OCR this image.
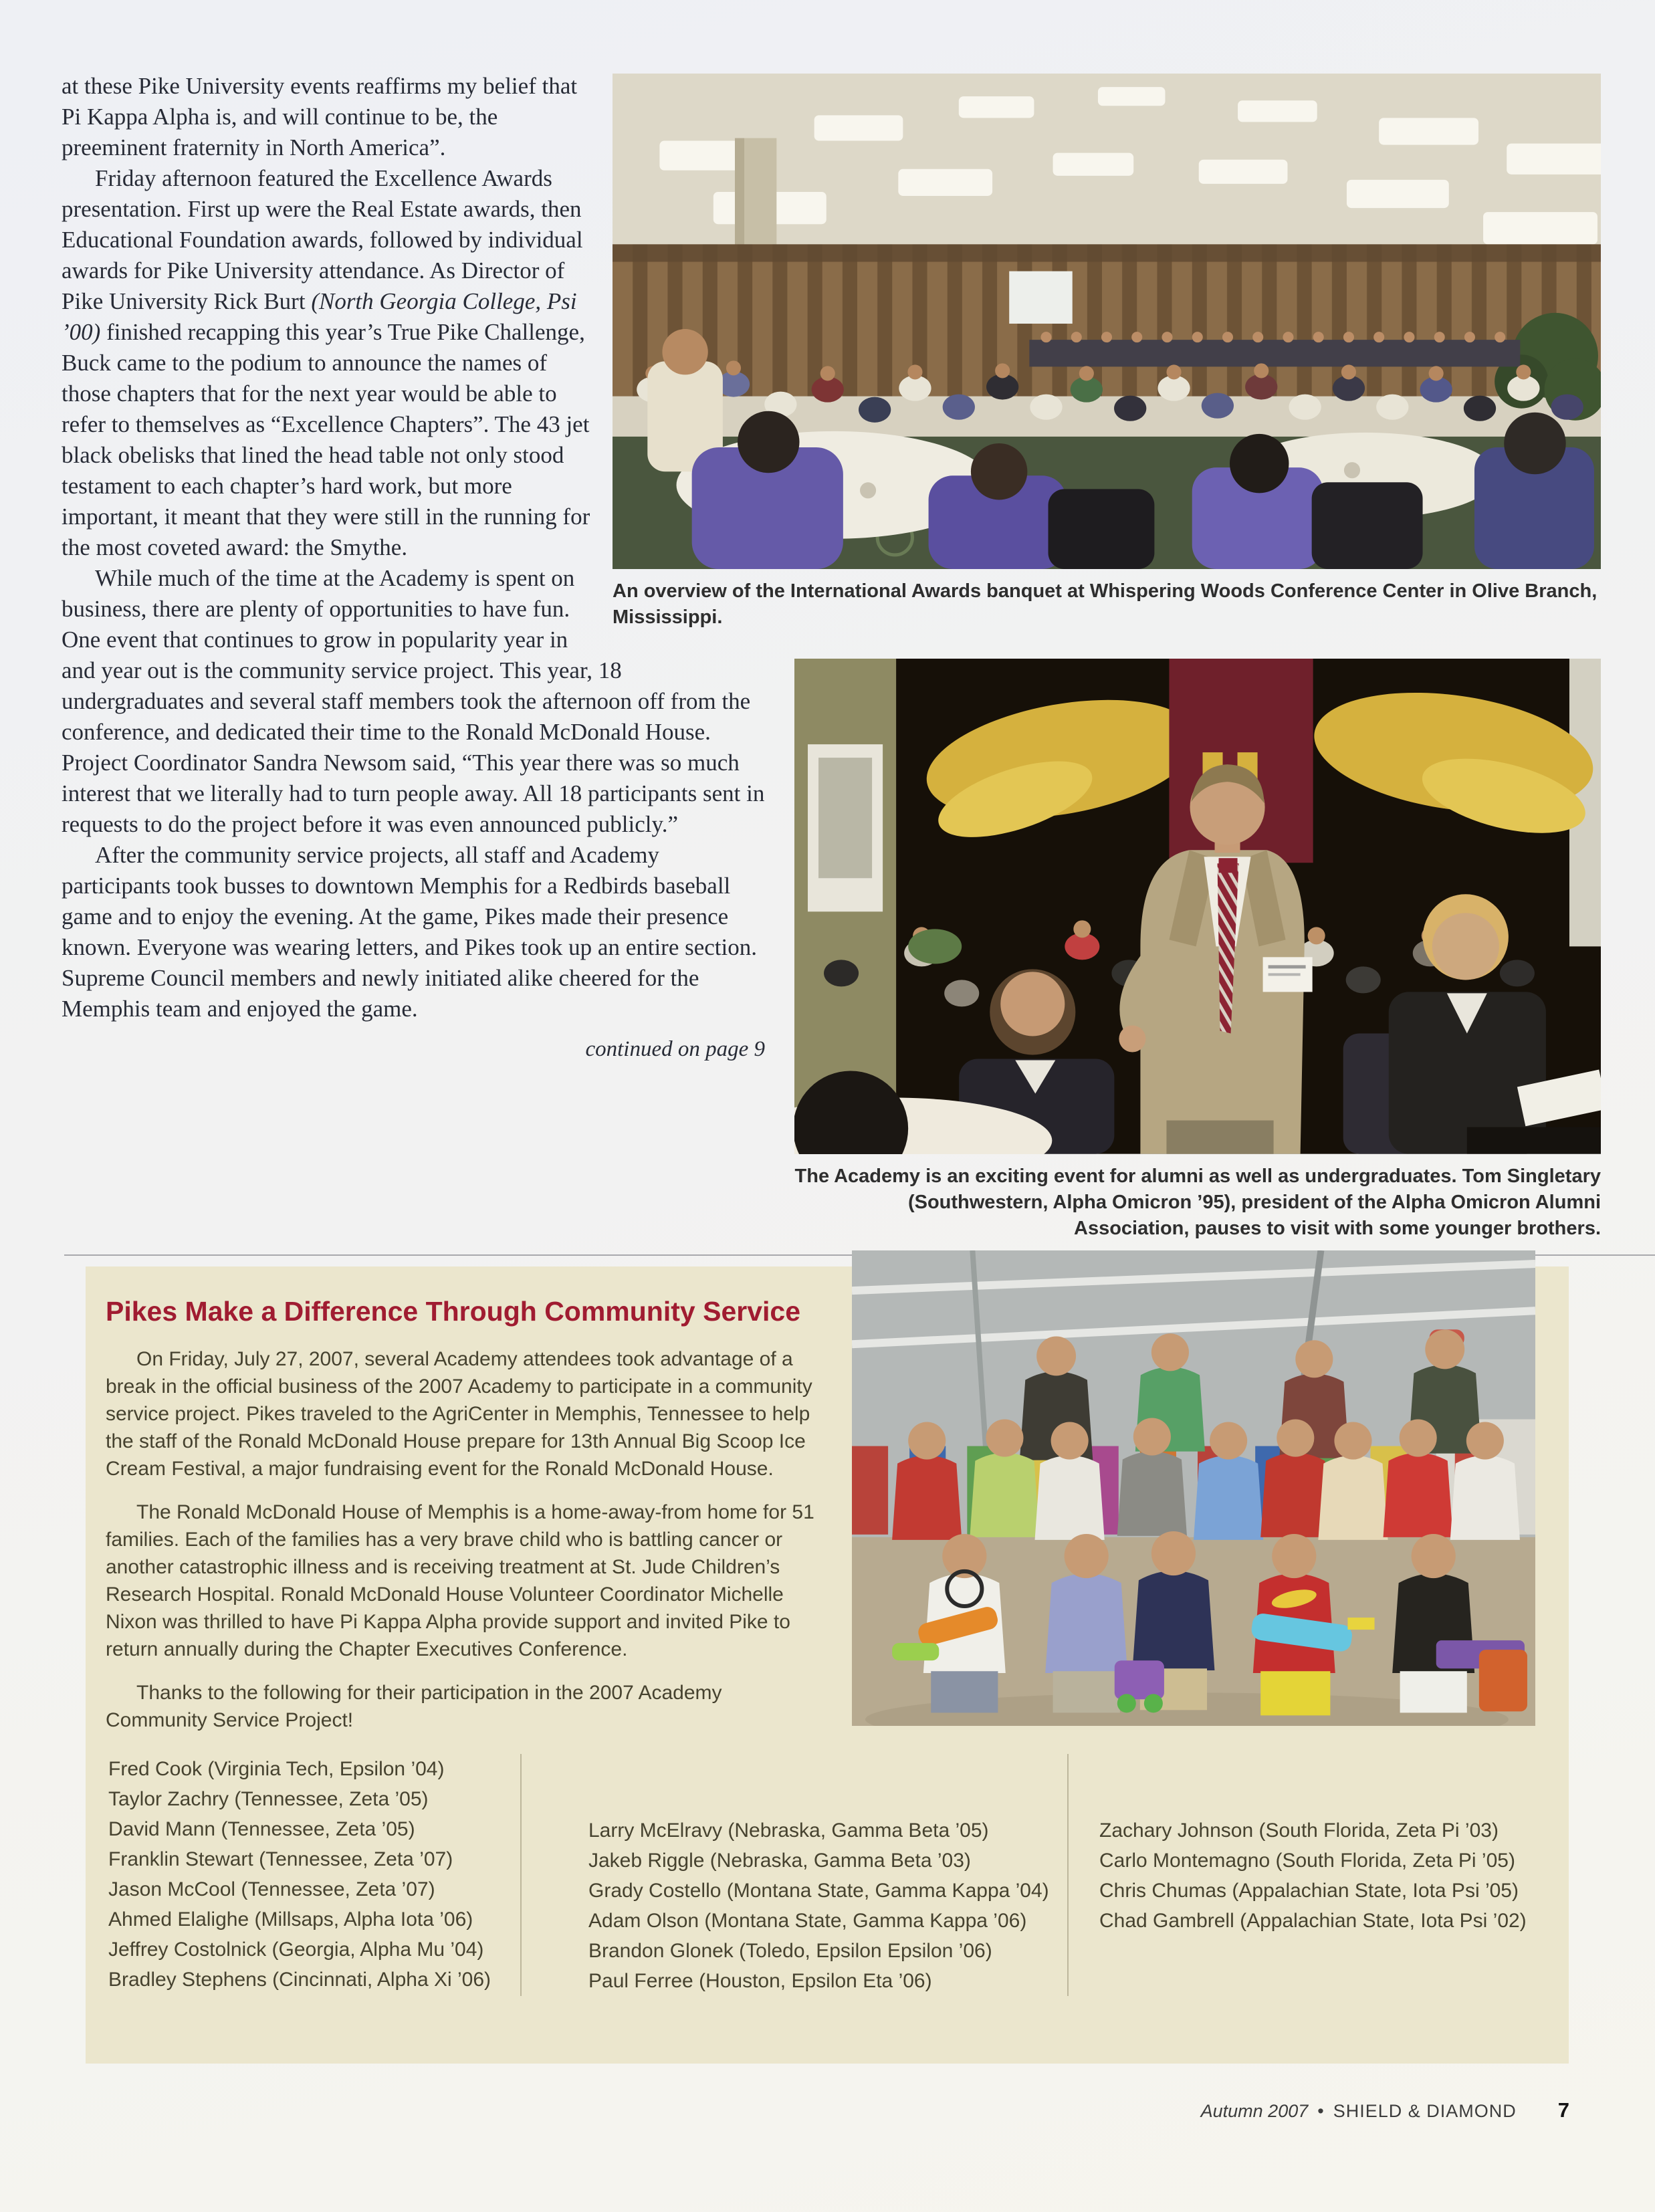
An overview of the International Awards banquet at Whispering Woods Conference Center in Olive Branch, Mississippi.
The Academy is an exciting event for alumni as well as undergraduates. Tom Singletary (Southwestern, Alpha Omicron ’95), president of the Alpha Omicron Alumni Association, pauses to visit with some younger brothers.

at these Pike University events reaffirms my belief that Pi Kappa Alpha is, and will continue to be, the preeminent fraternity in North America”.

Friday afternoon featured the Excellence Awards presentation. First up were the Real Estate awards, then Educational Foundation awards, followed by individual awards for Pike University attendance. As Director of Pike University Rick Burt (North Georgia College, Psi ’00) finished recapping this year’s True Pike Challenge, Buck came to the podium to announce the names of those chapters that for the next year would be able to refer to themselves as “Excellence Chapters”. The 43 jet black obelisks that lined the head table not only stood testament to each chapter’s hard work, but more important, it meant that they were still in the running for the most coveted award: the Smythe.

While much of the time at the Academy is spent on business, there are plenty of opportunities to have fun. One event that continues to grow in popularity year in and year out is the community service project. This year, 18 undergraduates and several staff members took the afternoon off from the conference, and dedicated their time to the Ronald McDonald House. Project Coordinator Sandra Newsom said, “This year there was so much interest that we literally had to turn people away. All 18 participants sent in requests to do the project before it was even announced publicly.”

After the community service projects, all staff and Academy participants took busses to downtown Memphis for a Redbirds baseball game and to enjoy the evening. At the game, Pikes made their presence known. Everyone was wearing letters, and Pikes took up an entire section. Supreme Council members and newly initiated alike cheered for the Memphis team and enjoyed the game.

continued on page 9
Pikes Make a Difference Through Community Service

On Friday, July 27, 2007, several Academy attendees took advantage of a break in the official business of the 2007 Academy to participate in a community service project. Pikes traveled to the AgriCenter in Memphis, Tennessee to help the staff of the Ronald McDonald House prepare for 13th Annual Big Scoop Ice Cream Festival, a major fundraising event for the Ronald McDonald House.

The Ronald McDonald House of Memphis is a home-away-from home for 51 families. Each of the families has a very brave child who is battling cancer or another catastrophic illness and is receiving treatment at St. Jude Children’s Research Hospital. Ronald McDonald House Volunteer Coordinator Michelle Nixon was thrilled to have Pi Kappa Alpha provide support and invited Pike to return annually during the Chapter Executives Conference.

Thanks to the following for their participation in the 2007 Academy Community Service Project!

Fred Cook (Virginia Tech, Epsilon ’04)
Taylor Zachry (Tennessee, Zeta ’05)
David Mann (Tennessee, Zeta ’05)
Franklin Stewart (Tennessee, Zeta ’07)
Jason McCool (Tennessee, Zeta ’07)
Ahmed Elalighe (Millsaps, Alpha Iota ’06)
Jeffrey Costolnick (Georgia, Alpha Mu ’04)
Bradley Stephens (Cincinnati, Alpha Xi ’06)
Larry McElravy (Nebraska, Gamma Beta ’05)
Jakeb Riggle (Nebraska, Gamma Beta ’03)
Grady Costello (Montana State, Gamma Kappa ’04)
Adam Olson (Montana State, Gamma Kappa ’06)
Brandon Glonek (Toledo, Epsilon Epsilon ’06)
Paul Ferree (Houston, Epsilon Eta ’06)
Zachary Johnson (South Florida, Zeta Pi ’03)
Carlo Montemagno (South Florida, Zeta Pi ’05)
Chris Chumas (Appalachian State, Iota Psi ’05)
Chad Gambrell (Appalachian State, Iota Psi ’02)
Autumn 2007 • SHIELD & DIAMOND 7
